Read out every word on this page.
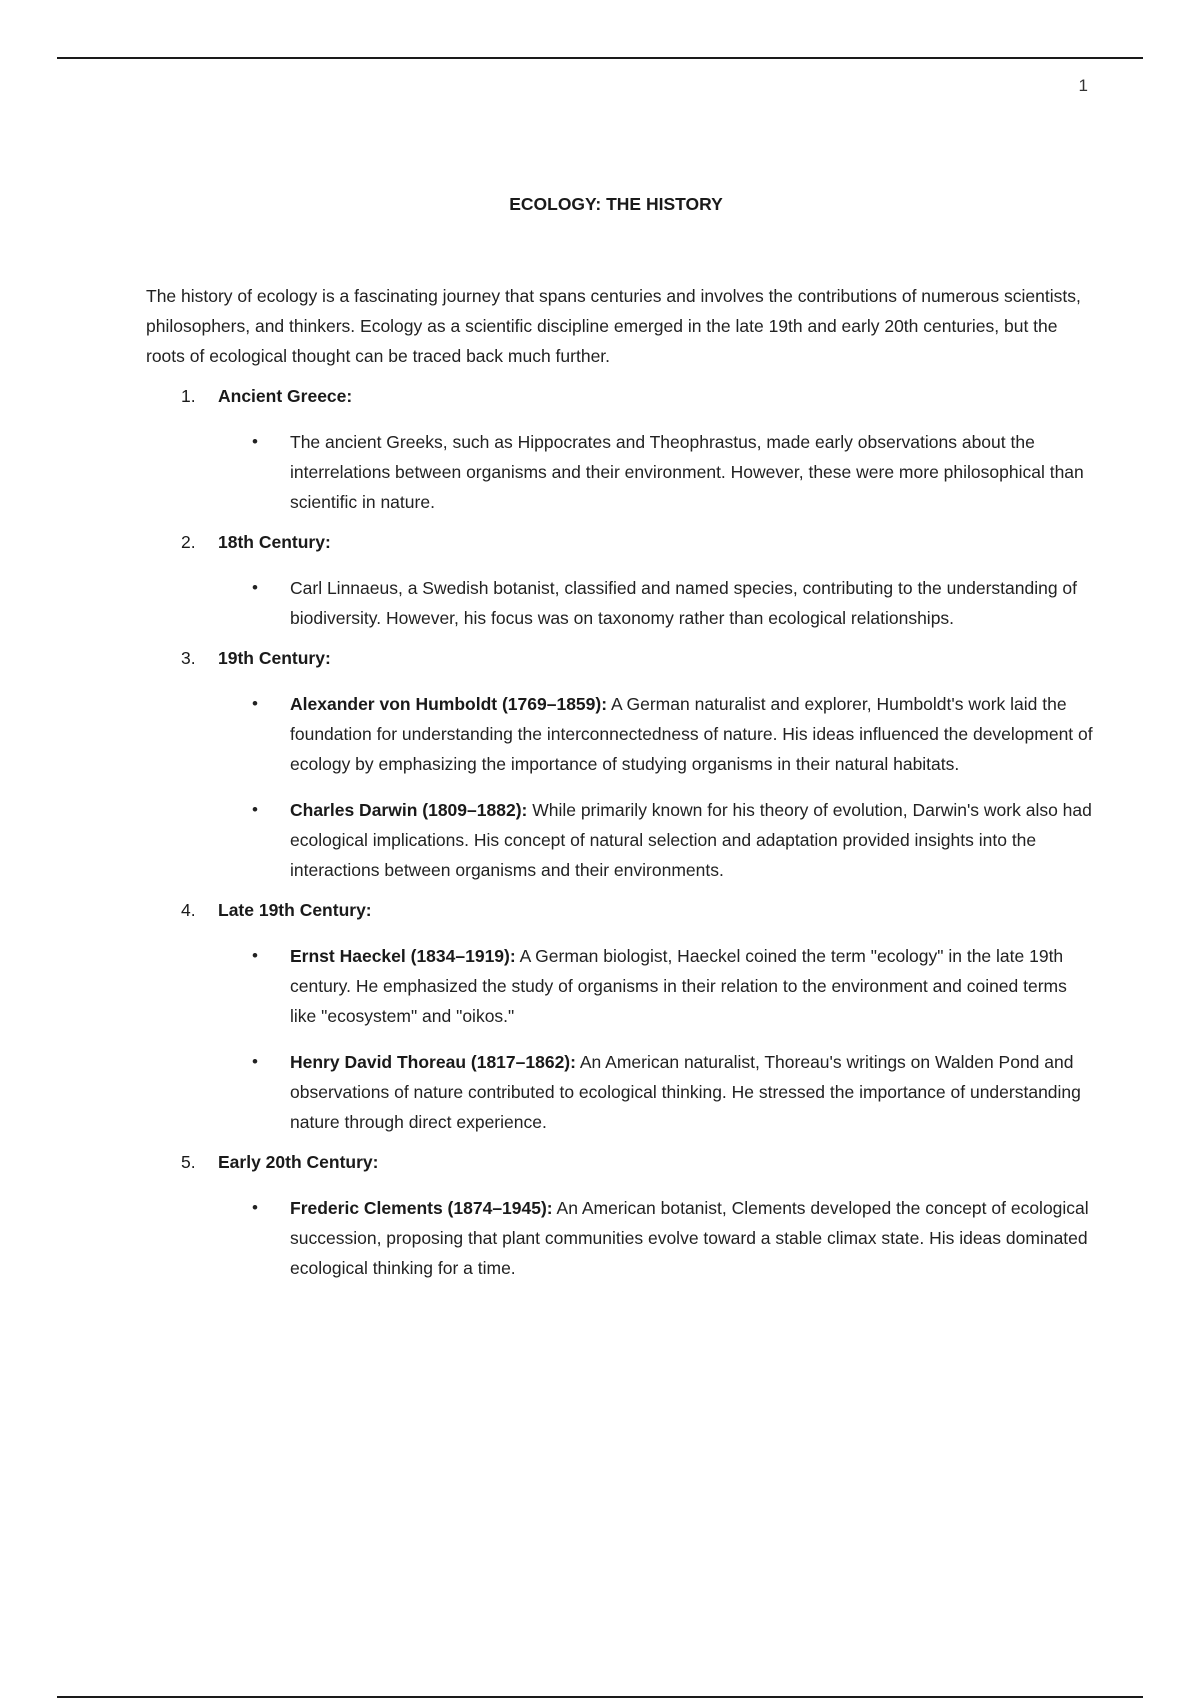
1
ECOLOGY: THE HISTORY

The history of ecology is a fascinating journey that spans centuries and involves the contributions of numerous scientists, philosophers, and thinkers. Ecology as a scientific discipline emerged in the late 19th and early 20th centuries, but the roots of ecological thought can be traced back much further.

1. Ancient Greece:
• The ancient Greeks, such as Hippocrates and Theophrastus, made early observations about the interrelations between organisms and their environment. However, these were more philosophical than scientific in nature.
2. 18th Century:
• Carl Linnaeus, a Swedish botanist, classified and named species, contributing to the understanding of biodiversity. However, his focus was on taxonomy rather than ecological relationships.
3. 19th Century:
• Alexander von Humboldt (1769–1859): A German naturalist and explorer, Humboldt's work laid the foundation for understanding the interconnectedness of nature. His ideas influenced the development of ecology by emphasizing the importance of studying organisms in their natural habitats.
• Charles Darwin (1809–1882): While primarily known for his theory of evolution, Darwin's work also had ecological implications. His concept of natural selection and adaptation provided insights into the interactions between organisms and their environments.
4. Late 19th Century:
• Ernst Haeckel (1834–1919): A German biologist, Haeckel coined the term "ecology" in the late 19th century. He emphasized the study of organisms in their relation to the environment and coined terms like "ecosystem" and "oikos."
• Henry David Thoreau (1817–1862): An American naturalist, Thoreau's writings on Walden Pond and observations of nature contributed to ecological thinking. He stressed the importance of understanding nature through direct experience.
5. Early 20th Century:
• Frederic Clements (1874–1945): An American botanist, Clements developed the concept of ecological succession, proposing that plant communities evolve toward a stable climax state. His ideas dominated ecological thinking for a time.
